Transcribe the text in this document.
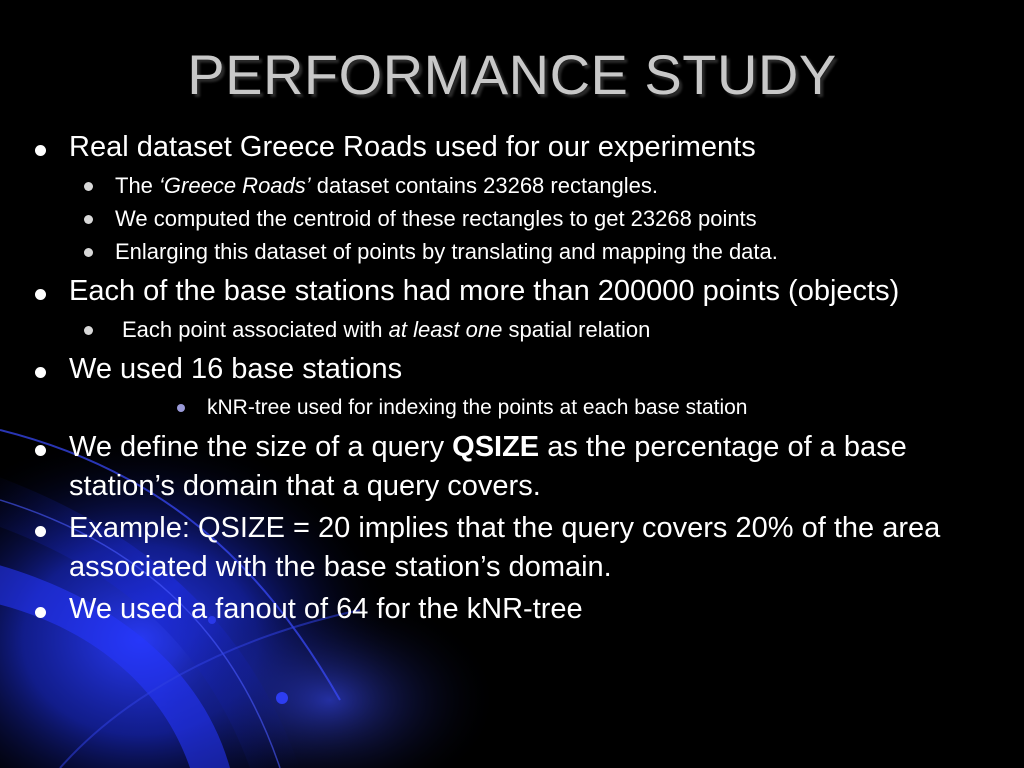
PERFORMANCE STUDY
Real dataset Greece Roads used for our experiments
The ‘Greece Roads’ dataset contains 23268 rectangles.
We computed the centroid of these rectangles to get 23268 points
Enlarging this dataset of points by translating and mapping the data.
Each of the base stations had more than 200000 points (objects)
Each point associated with at least one spatial relation
We used 16 base stations
kNR-tree used for indexing the points at each base station
We define the size of a query QSIZE as the percentage of a base station’s domain that a query covers.
Example: QSIZE = 20 implies that the query covers 20% of the area associated with the base station’s domain.
We used a fanout of 64 for the kNR-tree
